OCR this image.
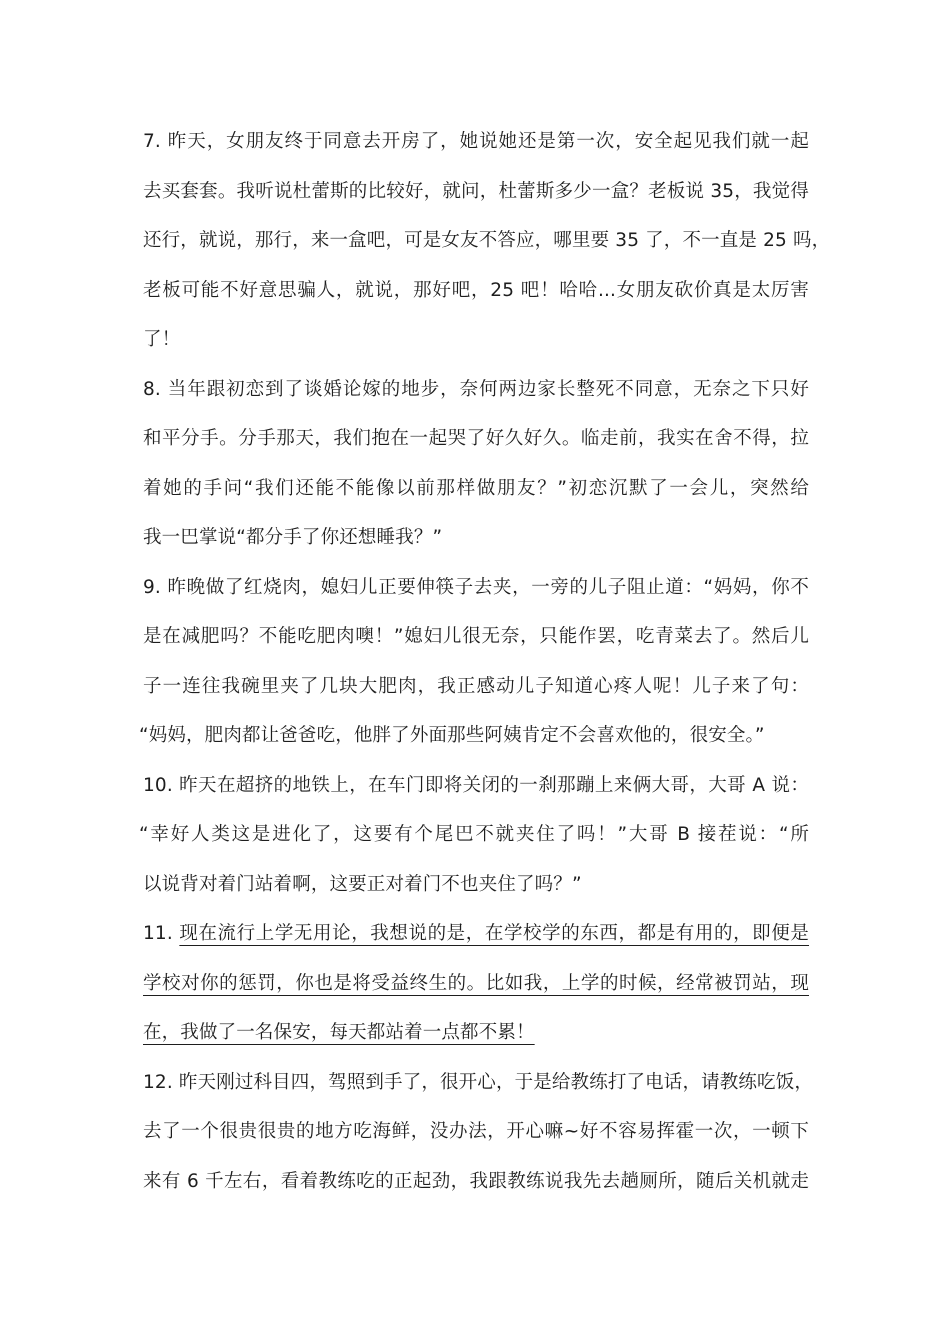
7. 昨天，女朋友终于同意去开房了，她说她还是第一次，安全起见我们就一起
去买套套。我听说杜蕾斯的比较好，就问，杜蕾斯多少一盒？老板说 35，我觉得
还行，就说，那行，来一盒吧，可是女友不答应，哪里要 35 了，不一直是 25 吗，
老板可能不好意思骗人，就说，那好吧，25 吧！哈哈...女朋友砍价真是太厉害
了！
8. 当年跟初恋到了谈婚论嫁的地步，奈何两边家长整死不同意，无奈之下只好
和平分手。分手那天，我们抱在一起哭了好久好久。临走前，我实在舍不得，拉
着她的手问“我们还能不能像以前那样做朋友？”初恋沉默了一会儿，突然给
我一巴掌说“都分手了你还想睡我？”
9. 昨晚做了红烧肉，媳妇儿正要伸筷子去夹，一旁的儿子阻止道：“妈妈，你不
是在减肥吗？不能吃肥肉噢！”媳妇儿很无奈，只能作罢，吃青菜去了。然后儿
子一连往我碗里夹了几块大肥肉，我正感动儿子知道心疼人呢！儿子来了句：
“妈妈，肥肉都让爸爸吃，他胖了外面那些阿姨肯定不会喜欢他的，很安全。”
10. 昨天在超挤的地铁上，在车门即将关闭的一刹那蹦上来俩大哥，大哥 A 说：
“幸好人类这是进化了，这要有个尾巴不就夹住了吗！”大哥 B 接茬说：“所
以说背对着门站着啊，这要正对着门不也夹住了吗？”
11. 现在流行上学无用论，我想说的是，在学校学的东西，都是有用的，即便是
学校对你的惩罚，你也是将受益终生的。比如我，上学的时候，经常被罚站，现
在，我做了一名保安，每天都站着一点都不累！
12. 昨天刚过科目四，驾照到手了，很开心，于是给教练打了电话，请教练吃饭，
去了一个很贵很贵的地方吃海鲜，没办法，开心嘛~好不容易挥霍一次，一顿下
来有 6 千左右，看着教练吃的正起劲，我跟教练说我先去趟厕所，随后关机就走
